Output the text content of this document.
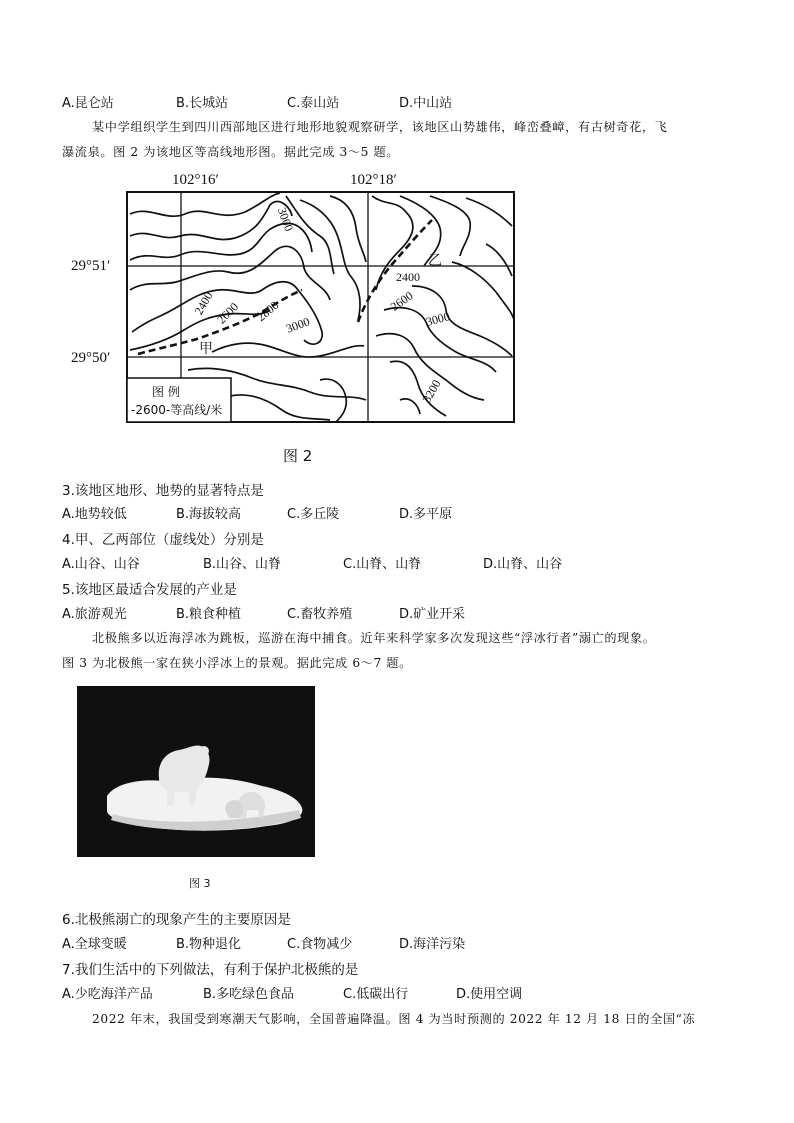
A.昆仑站	B.长城站	C.泰山站	D.中山站
某中学组织学生到四川西部地区进行地形地貌观察研学，该地区山势雄伟，峰峦叠嶂，有古树奇花，飞
瀑流泉。图 2 为该地区等高线地形图。据此完成 3～5 题。
102°16′	102°18′
29°51′
29°50′
3000
2400
2600 2800
3000
2400
2600
3000
3200
甲
乙
图 例
-2600-等高线/米
图 2
3.该地区地形、地势的显著特点是
A.地势较低	B.海拔较高	C.多丘陵	D.多平原
4.甲、乙两部位（虚线处）分别是
A.山谷、山谷	B.山谷、山脊	C.山脊、山脊	D.山脊、山谷
5.该地区最适合发展的产业是
A.旅游观光	B.粮食种植	C.畜牧养殖	D.矿业开采
北极熊多以近海浮冰为跳板，巡游在海中捕食。近年来科学家多次发现这些“浮冰行者”溺亡的现象。
图 3 为北极熊一家在狭小浮冰上的景观。据此完成 6～7 题。
图 3
6.北极熊溺亡的现象产生的主要原因是
A.全球变暖	B.物种退化	C.食物减少	D.海洋污染
7.我们生活中的下列做法，有利于保护北极熊的是
A.少吃海洋产品	B.多吃绿色食品	C.低碳出行	D.使用空调
2022 年末，我国受到寒潮天气影响，全国普遍降温。图 4 为当时预测的 2022 年 12 月 18 日的全国“冻
